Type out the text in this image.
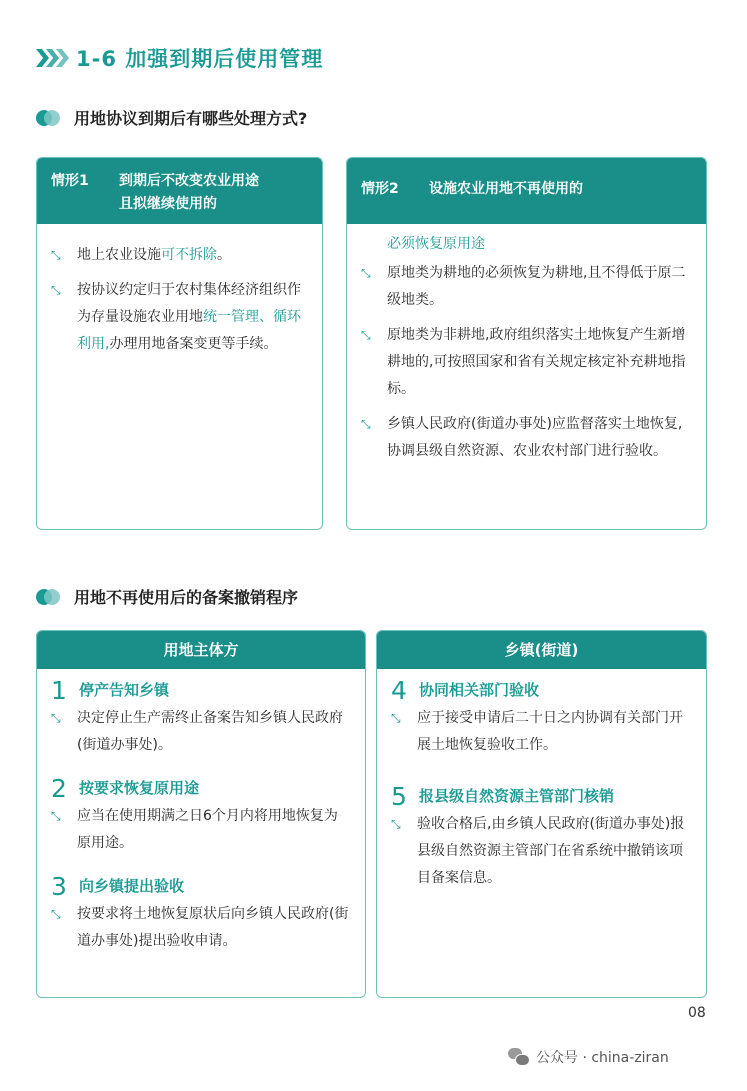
1-6 加强到期后使用管理
用地协议到期后有哪些处理方式?
情形1	到期后不改变农业用途
且拟继续使用的
⤡	地上农业设施可不拆除。
⤡	按协议约定归于农村集体经济组织作为存量设施农业用地统一管理、循环利用,办理用地备案变更等手续。
情形2	设施农业用地不再使用的
必须恢复原用途
⤡	原地类为耕地的必须恢复为耕地,且不得低于原二级地类。
⤡	原地类为非耕地,政府组织落实土地恢复产生新增耕地的,可按照国家和省有关规定核定补充耕地指标。
⤡	乡镇人民政府(街道办事处)应监督落实土地恢复,协调县级自然资源、农业农村部门进行验收。
用地不再使用后的备案撤销程序
用地主体方
1 停产告知乡镇
⤡	决定停止生产需终止备案告知乡镇人民政府(街道办事处)。
2 按要求恢复原用途
⤡	应当在使用期满之日6个月内将用地恢复为原用途。
3 向乡镇提出验收
⤡	按要求将土地恢复原状后向乡镇人民政府(街道办事处)提出验收申请。
乡镇(街道)
4 协同相关部门验收
⤡	应于接受申请后二十日之内协调有关部门开展土地恢复验收工作。
5 报县级自然资源主管部门核销
⤡	验收合格后,由乡镇人民政府(街道办事处)报县级自然资源主管部门在省系统中撤销该项目备案信息。
08
公众号 · china-ziran
